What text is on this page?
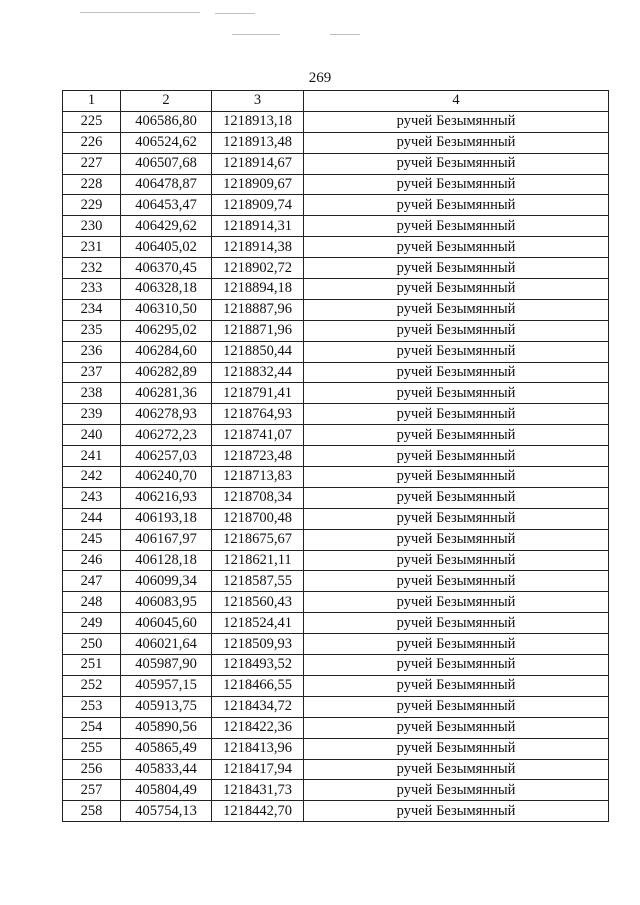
269
1	2	3	4
225	406586,80	1218913,18	ручей Безымянный
226	406524,62	1218913,48	ручей Безымянный
227	406507,68	1218914,67	ручей Безымянный
228	406478,87	1218909,67	ручей Безымянный
229	406453,47	1218909,74	ручей Безымянный
230	406429,62	1218914,31	ручей Безымянный
231	406405,02	1218914,38	ручей Безымянный
232	406370,45	1218902,72	ручей Безымянный
233	406328,18	1218894,18	ручей Безымянный
234	406310,50	1218887,96	ручей Безымянный
235	406295,02	1218871,96	ручей Безымянный
236	406284,60	1218850,44	ручей Безымянный
237	406282,89	1218832,44	ручей Безымянный
238	406281,36	1218791,41	ручей Безымянный
239	406278,93	1218764,93	ручей Безымянный
240	406272,23	1218741,07	ручей Безымянный
241	406257,03	1218723,48	ручей Безымянный
242	406240,70	1218713,83	ручей Безымянный
243	406216,93	1218708,34	ручей Безымянный
244	406193,18	1218700,48	ручей Безымянный
245	406167,97	1218675,67	ручей Безымянный
246	406128,18	1218621,11	ручей Безымянный
247	406099,34	1218587,55	ручей Безымянный
248	406083,95	1218560,43	ручей Безымянный
249	406045,60	1218524,41	ручей Безымянный
250	406021,64	1218509,93	ручей Безымянный
251	405987,90	1218493,52	ручей Безымянный
252	405957,15	1218466,55	ручей Безымянный
253	405913,75	1218434,72	ручей Безымянный
254	405890,56	1218422,36	ручей Безымянный
255	405865,49	1218413,96	ручей Безымянный
256	405833,44	1218417,94	ручей Безымянный
257	405804,49	1218431,73	ручей Безымянный
258	405754,13	1218442,70	ручей Безымянный
